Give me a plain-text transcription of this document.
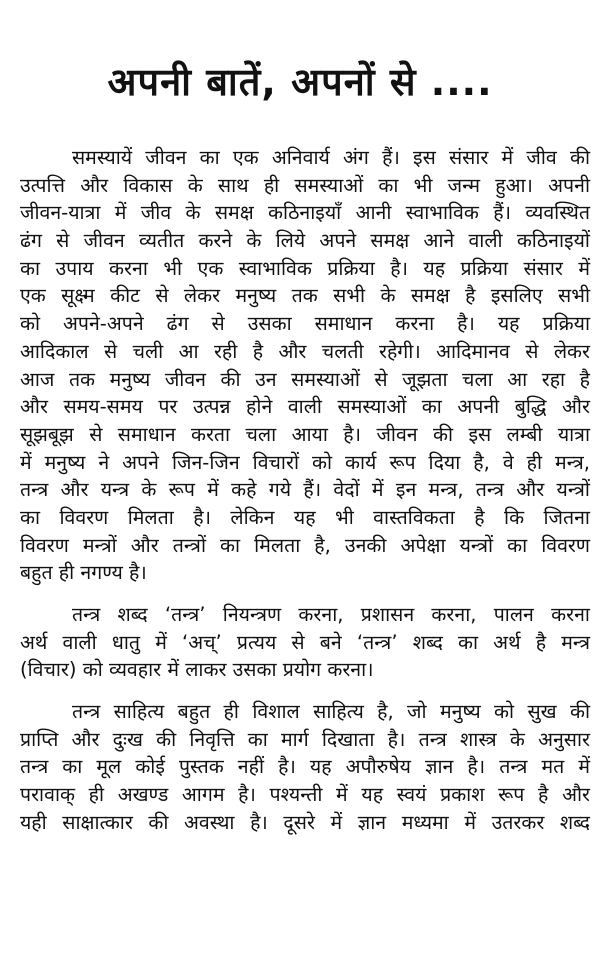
अपनी बातें, अपनों से ....
समस्यायें जीवन का एक अनिवार्य अंग हैं। इस संसार में जीव की
उत्पत्ति और विकास के साथ ही समस्याओं का भी जन्म हुआ। अपनी
जीवन-यात्रा में जीव के समक्ष कठिनाइयाँ आनी स्वाभाविक हैं। व्यवस्थित
ढंग से जीवन व्यतीत करने के लिये अपने समक्ष आने वाली कठिनाइयों
का उपाय करना भी एक स्वाभाविक प्रक्रिया है। यह प्रक्रिया संसार में
एक सूक्ष्म कीट से लेकर मनुष्य तक सभी के समक्ष है इसलिए सभी
को अपने-अपने ढंग से उसका समाधान करना है। यह प्रक्रिया
आदिकाल से चली आ रही है और चलती रहेगी। आदिमानव से लेकर
आज तक मनुष्य जीवन की उन समस्याओं से जूझता चला आ रहा है
और समय-समय पर उत्पन्न होने वाली समस्याओं का अपनी बुद्धि और
सूझबूझ से समाधान करता चला आया है। जीवन की इस लम्बी यात्रा
में मनुष्य ने अपने जिन-जिन विचारों को कार्य रूप दिया है, वे ही मन्त्र,
तन्त्र और यन्त्र के रूप में कहे गये हैं। वेदों में इन मन्त्र, तन्त्र और यन्त्रों
का विवरण मिलता है। लेकिन यह भी वास्तविकता है कि जितना
विवरण मन्त्रों और तन्त्रों का मिलता है, उनकी अपेक्षा यन्त्रों का विवरण
बहुत ही नगण्य है।
तन्त्र शब्द ‘तन्त्र’ नियन्त्रण करना, प्रशासन करना, पालन करना
अर्थ वाली धातु में ‘अच्’ प्रत्यय से बने ‘तन्त्र’ शब्द का अर्थ है मन्त्र
(विचार) को व्यवहार में लाकर उसका प्रयोग करना।
तन्त्र साहित्य बहुत ही विशाल साहित्य है, जो मनुष्य को सुख की
प्राप्ति और दुःख की निवृत्ति का मार्ग दिखाता है। तन्त्र शास्त्र के अनुसार
तन्त्र का मूल कोई पुस्तक नहीं है। यह अपौरुषेय ज्ञान है। तन्त्र मत में
परावाक् ही अखण्ड आगम है। पश्यन्ती में यह स्वयं प्रकाश रूप है और
यही साक्षात्कार की अवस्था है। दूसरे में ज्ञान मध्यमा में उतरकर शब्द
